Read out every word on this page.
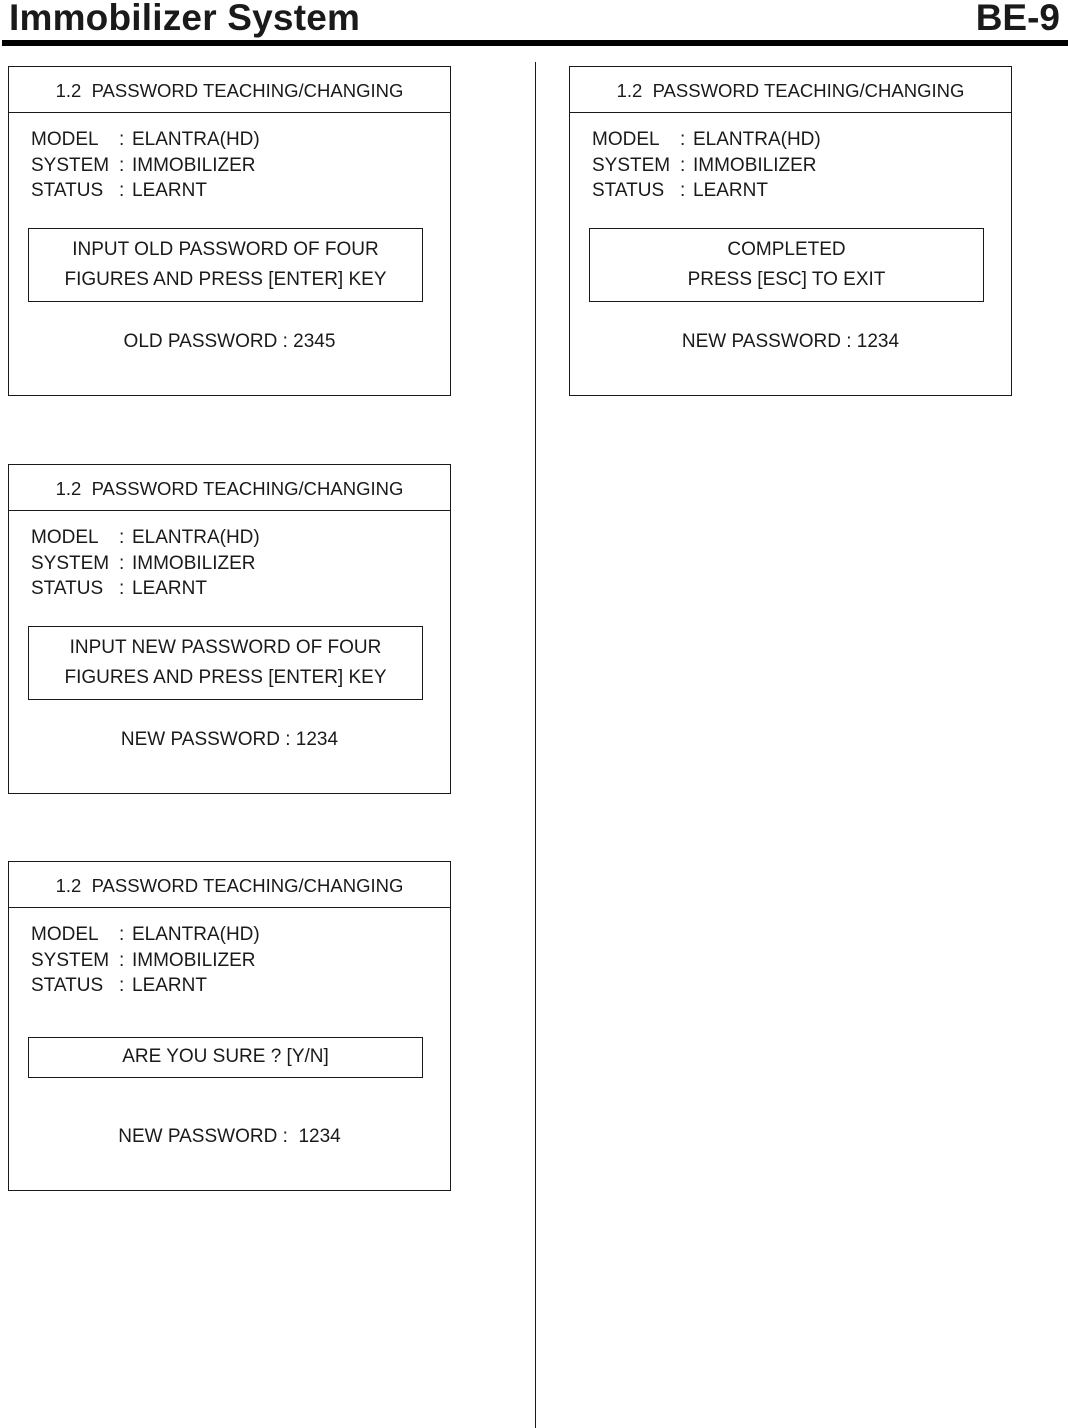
Immobilizer System	BE-9
1.2  PASSWORD TEACHING/CHANGING
MODEL : ELANTRA(HD)
SYSTEM : IMMOBILIZER
STATUS : LEARNT
INPUT OLD PASSWORD OF FOUR
FIGURES AND PRESS [ENTER] KEY
OLD PASSWORD : 2345
1.2  PASSWORD TEACHING/CHANGING
MODEL : ELANTRA(HD)
SYSTEM : IMMOBILIZER
STATUS : LEARNT
INPUT NEW PASSWORD OF FOUR
FIGURES AND PRESS [ENTER] KEY
NEW PASSWORD : 1234
1.2  PASSWORD TEACHING/CHANGING
MODEL : ELANTRA(HD)
SYSTEM : IMMOBILIZER
STATUS : LEARNT
ARE YOU SURE ? [Y/N]
NEW PASSWORD :  1234
1.2  PASSWORD TEACHING/CHANGING
MODEL : ELANTRA(HD)
SYSTEM : IMMOBILIZER
STATUS : LEARNT
COMPLETED
PRESS [ESC] TO EXIT
NEW PASSWORD : 1234
